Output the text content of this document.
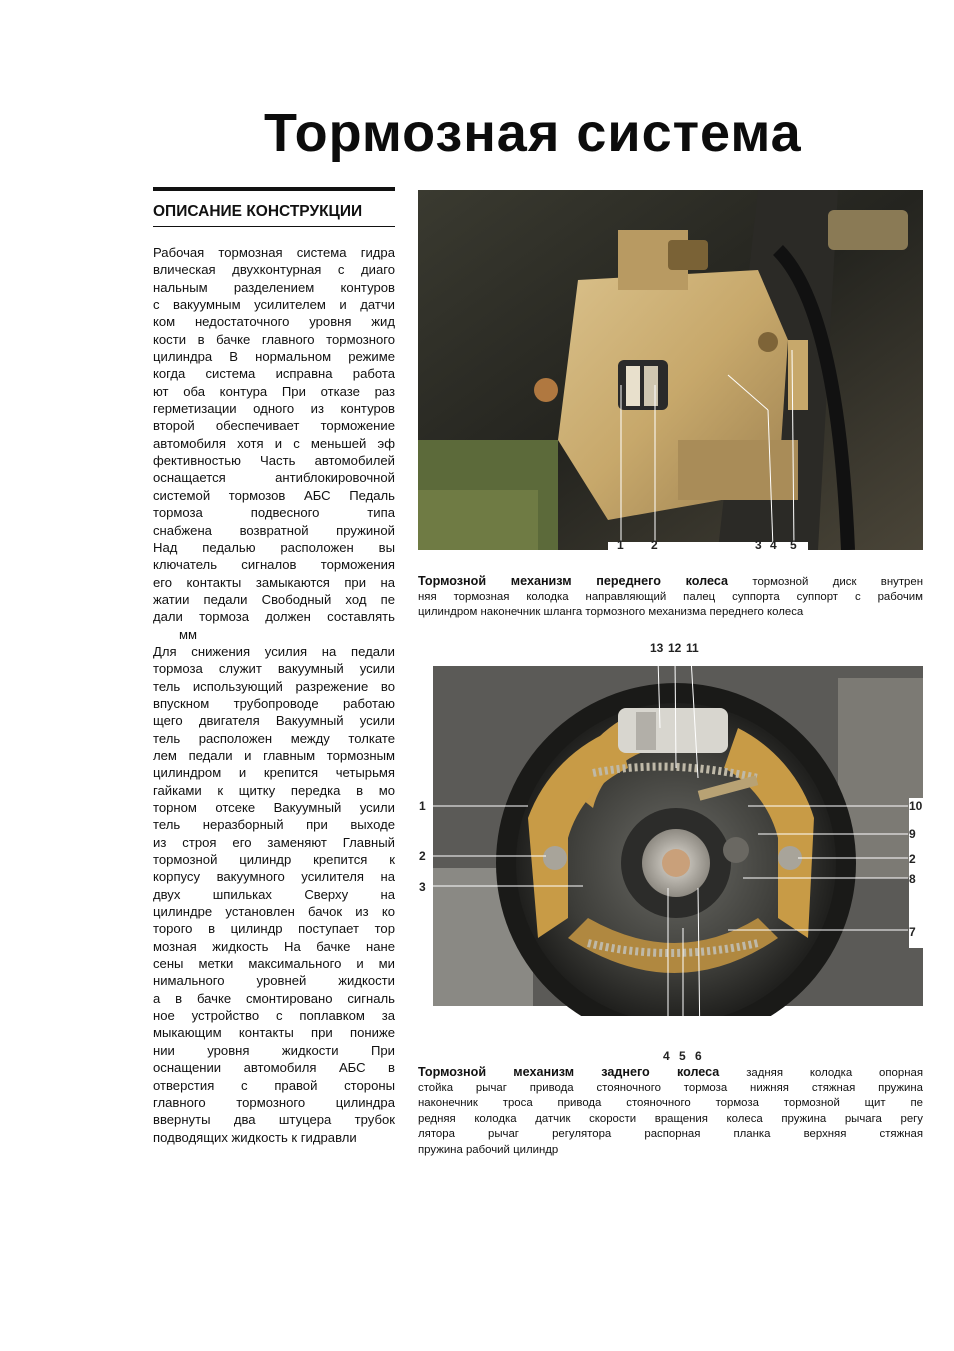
Тормозная система
ОПИСАНИЕ КОНСТРУКЦИИ
Рабочая тормозная система гидра
влическая двухконтурная с диаго
нальным разделением контуров
с вакуумным усилителем и датчи
ком недостаточного уровня жид
кости в бачке главного тормозного
цилиндра В нормальном режиме
когда система исправна работа
ют оба контура При отказе раз
герметизации одного из контуров
второй обеспечивает торможение
автомобиля хотя и с меньшей эф
фективностью Часть автомобилей
оснащается антиблокировочной
системой тормозов АБС Педаль
тормоза подвесного типа
снабжена возвратной пружиной
Над педалью расположен вы
ключатель сигналов торможения
его контакты замыкаются при на
жатии педали Свободный ход пе
дали тормоза должен составлять
мм
Для снижения усилия на педали
тормоза служит вакуумный усили
тель использующий разрежение во
впускном трубопроводе работаю
щего двигателя Вакуумный усили
тель расположен между толкате
лем педали и главным тормозным
цилиндром и крепится четырьмя
гайками к щитку передка в мо
торном отсеке Вакуумный усили
тель неразборный при выходе
из строя его заменяют Главный
тормозной цилиндр крепится к
корпусу вакуумного усилителя на
двух шпильках Сверху на
цилиндре установлен бачок из ко
торого в цилиндр поступает тор
мозная жидкость На бачке нане
сены метки максимального и ми
нимального уровней жидкости
а в бачке смонтировано сигналь
ное устройство с поплавком за
мыкающим контакты при пониже
нии уровня жидкости При
оснащении автомобиля АБС в
отверстия с правой стороны
главного тормозного цилиндра
ввернуты два штуцера трубок
подводящих жидкость к гидравли
1 2	3 4 5
Тормозной механизм переднего колеса тормозной диск внутрен
няя тормозная колодка направляющий палец суппорта суппорт с рабочим
цилиндром наконечник шланга тормозного механизма переднего колеса
13 12 11
1
2
3
10
9
2
8
7
4 5 6
Тормозной механизм заднего колеса задняя колодка опорная
стойка рычаг привода стояночного тормоза нижняя стяжная пружина
наконечник троса привода стояночного тормоза тормозной щит пе
редняя колодка датчик скорости вращения колеса пружина рычага регу
лятора рычаг регулятора распорная планка верхняя стяжная
пружина рабочий цилиндр
